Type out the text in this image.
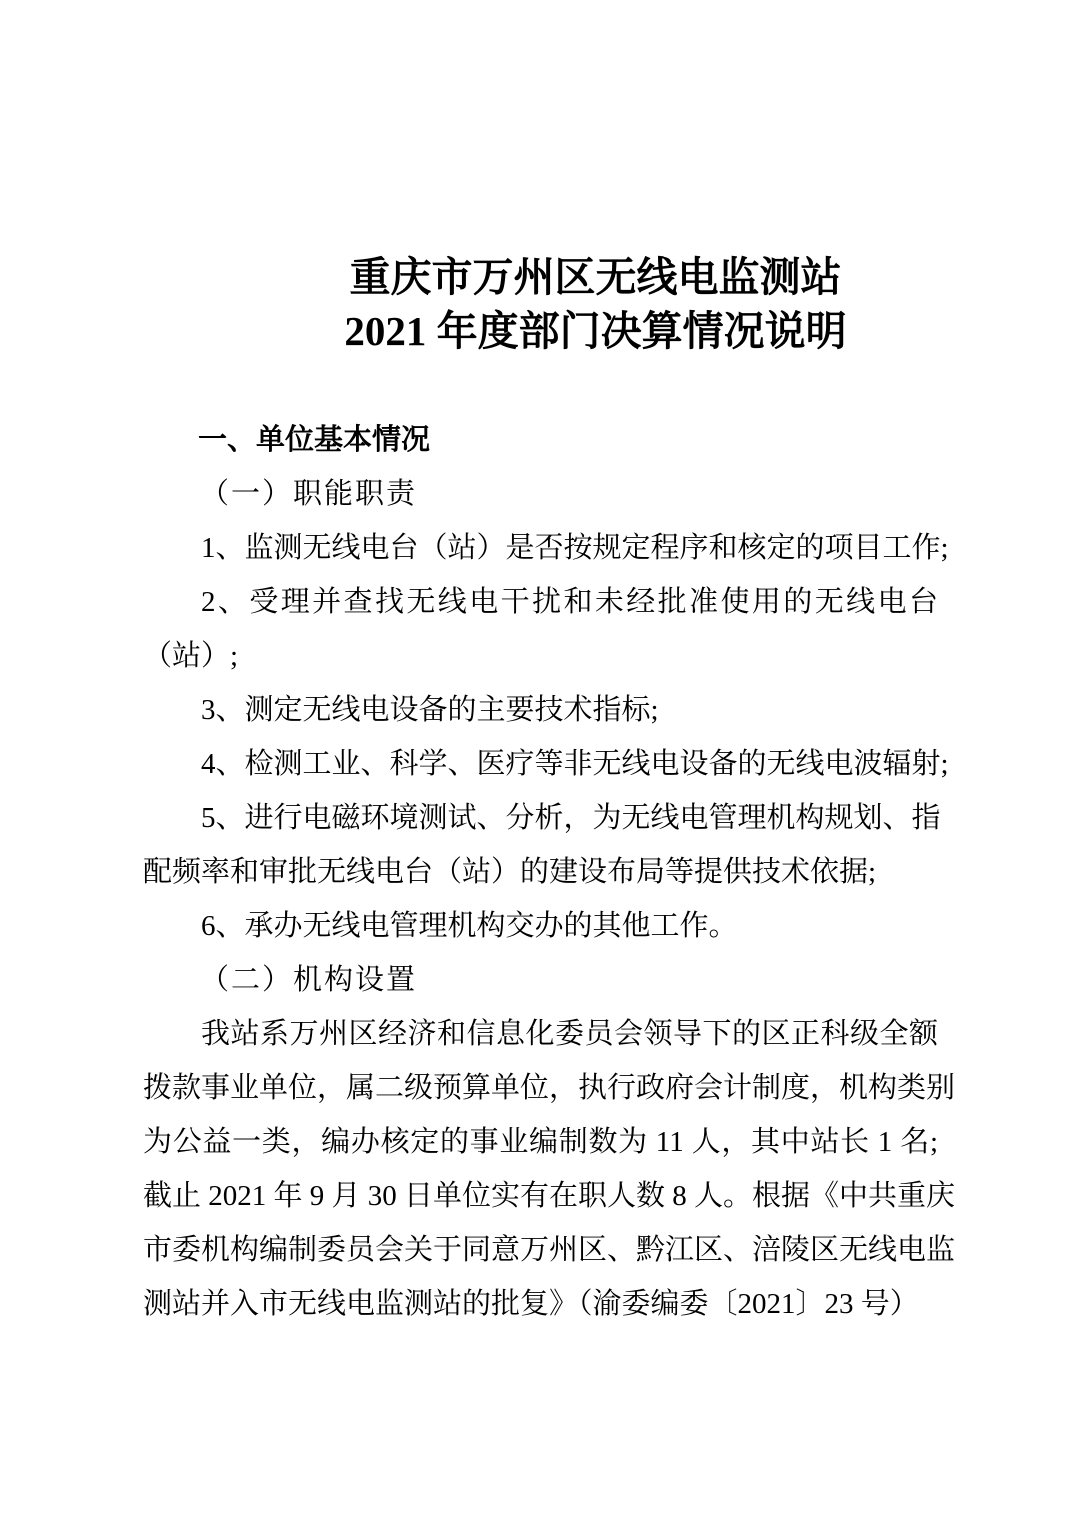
重庆市万州区无线电监测站
2021 年度部门决算情况说明
一、单位基本情况
（一）职能职责
1、监测无线电台（站）是否按规定程序和核定的项目工作;
2、受理并查找无线电干扰和未经批准使用的无线电台
（站）;
3、测定无线电设备的主要技术指标;
4、检测工业、科学、医疗等非无线电设备的无线电波辐射;
5、进行电磁环境测试、分析，为无线电管理机构规划、指
配频率和审批无线电台（站）的建设布局等提供技术依据;
6、承办无线电管理机构交办的其他工作。
（二）机构设置
我站系万州区经济和信息化委员会领导下的区正科级全额
拨款事业单位，属二级预算单位，执行政府会计制度，机构类别
为公益一类，编办核定的事业编制数为 11 人，其中站长 1 名;
截止 2021 年 9 月 30 日单位实有在职人数 8 人。根据《中共重庆
市委机构编制委员会关于同意万州区、黔江区、涪陵区无线电监
测站并入市无线电监测站的批复》（渝委编委〔2021〕23 号）
